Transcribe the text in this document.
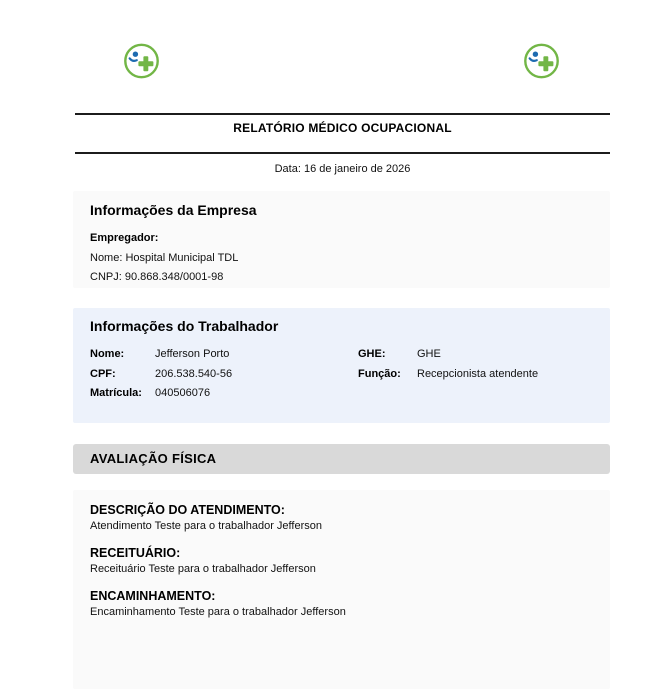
RELATÓRIO MÉDICO OCUPACIONAL
Data: 16 de janeiro de 2026
Informações da Empresa
Empregador:
Nome: Hospital Municipal TDL
CNPJ: 90.868.348/0001-98
Informações do Trabalhador
Nome:	Jefferson Porto
CPF:	206.538.540-56
Matrícula:	040506076
GHE:	GHE
Função:	Recepcionista atendente
AVALIAÇÃO FÍSICA
DESCRIÇÃO DO ATENDIMENTO:

Atendimento Teste para o trabalhador Jefferson

RECEITUÁRIO:

Receituário Teste para o trabalhador Jefferson

ENCAMINHAMENTO:

Encaminhamento Teste para o trabalhador Jefferson
